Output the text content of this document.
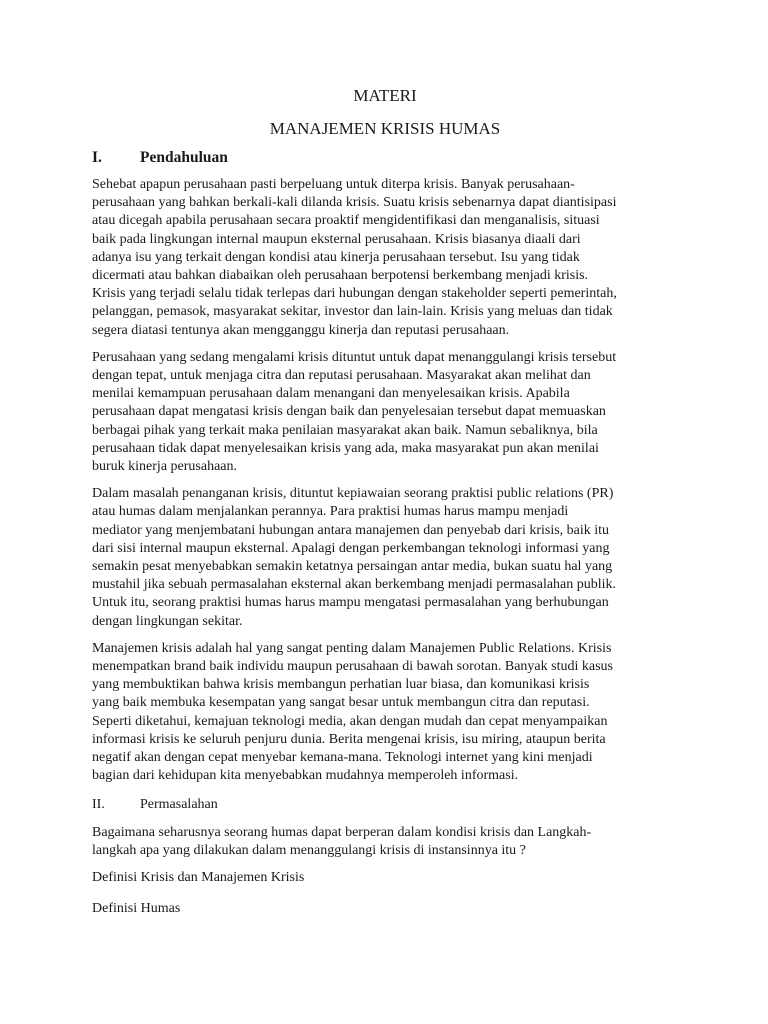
MATERI
MANAJEMEN KRISIS HUMAS
I.	Pendahuluan

Sehebat apapun perusahaan pasti berpeluang untuk diterpa krisis. Banyak perusahaan-
perusahaan yang bahkan berkali-kali dilanda krisis. Suatu krisis sebenarnya dapat diantisipasi
atau dicegah apabila perusahaan secara proaktif mengidentifikasi dan menganalisis, situasi
baik pada lingkungan internal maupun eksternal perusahaan. Krisis biasanya diaali dari
adanya isu yang terkait dengan kondisi atau kinerja perusahaan tersebut. Isu yang tidak
dicermati atau bahkan diabaikan oleh perusahaan berpotensi berkembang menjadi krisis.
Krisis yang terjadi selalu tidak terlepas dari hubungan dengan stakeholder seperti pemerintah,
pelanggan, pemasok, masyarakat sekitar, investor dan lain-lain. Krisis yang meluas dan tidak
segera diatasi tentunya akan mengganggu kinerja dan reputasi perusahaan.

Perusahaan yang sedang mengalami krisis dituntut untuk dapat menanggulangi krisis tersebut
dengan tepat, untuk menjaga citra dan reputasi perusahaan. Masyarakat akan melihat dan
menilai kemampuan perusahaan dalam menangani dan menyelesaikan krisis. Apabila
perusahaan dapat mengatasi krisis dengan baik dan penyelesaian tersebut dapat memuaskan
berbagai pihak yang terkait maka penilaian masyarakat akan baik. Namun sebaliknya, bila
perusahaan tidak dapat menyelesaikan krisis yang ada, maka masyarakat pun akan menilai
buruk kinerja perusahaan.

Dalam masalah penanganan krisis, dituntut kepiawaian seorang praktisi public relations (PR)
atau humas dalam menjalankan perannya. Para praktisi humas harus mampu menjadi
mediator yang menjembatani hubungan antara manajemen dan penyebab dari krisis, baik itu
dari sisi internal maupun eksternal. Apalagi dengan perkembangan teknologi informasi yang
semakin pesat menyebabkan semakin ketatnya persaingan antar media, bukan suatu hal yang
mustahil jika sebuah permasalahan eksternal akan berkembang menjadi permasalahan publik.
Untuk itu, seorang praktisi humas harus mampu mengatasi permasalahan yang berhubungan
dengan lingkungan sekitar.

Manajemen krisis adalah hal yang sangat penting dalam Manajemen Public Relations. Krisis
menempatkan brand baik individu maupun perusahaan di bawah sorotan. Banyak studi kasus
yang membuktikan bahwa krisis membangun perhatian luar biasa, dan komunikasi krisis
yang baik membuka kesempatan yang sangat besar untuk membangun citra dan reputasi.
Seperti diketahui, kemajuan teknologi media, akan dengan mudah dan cepat menyampaikan
informasi krisis ke seluruh penjuru dunia. Berita mengenai krisis, isu miring, ataupun berita
negatif akan dengan cepat menyebar kemana-mana. Teknologi internet yang kini menjadi
bagian dari kehidupan kita menyebabkan mudahnya memperoleh informasi.

II.	Permasalahan

Bagaimana seharusnya seorang humas dapat berperan dalam kondisi krisis dan Langkah-
langkah apa yang dilakukan dalam menanggulangi krisis di instansinnya itu ?

Definisi Krisis dan Manajemen Krisis

Definisi Humas
